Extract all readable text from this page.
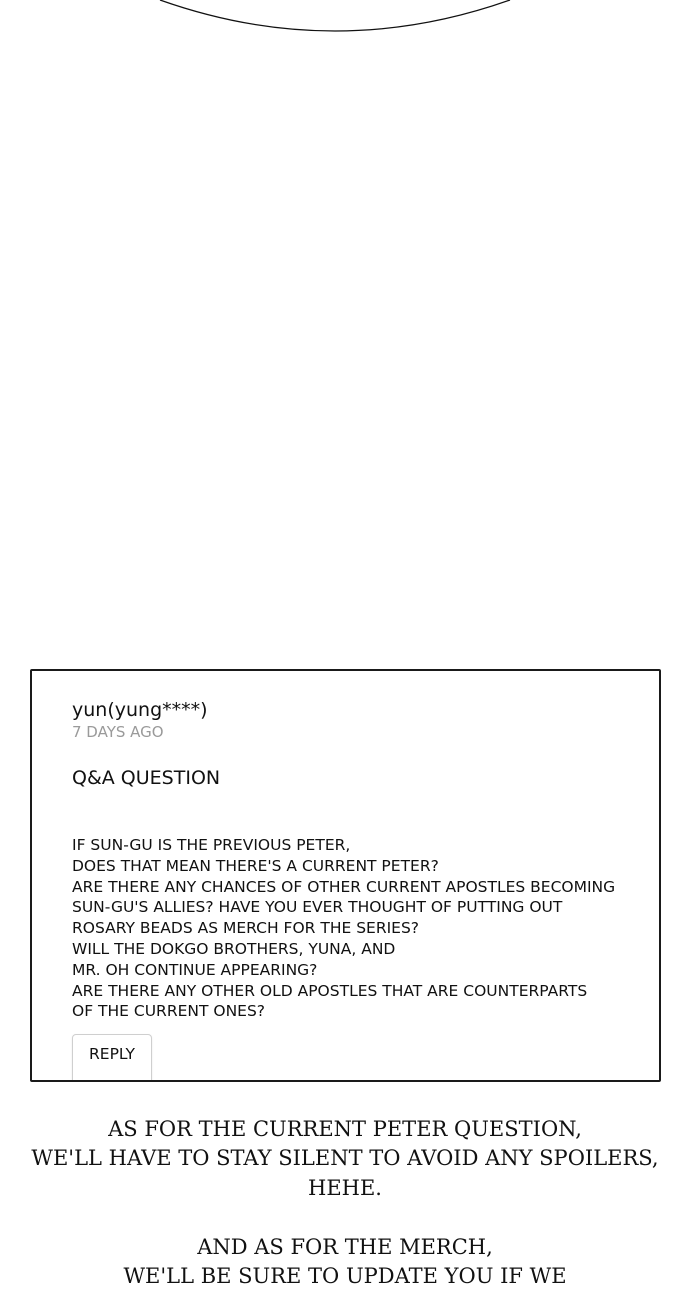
yun(yung****)
7 DAYS AGO
Q&A QUESTION
IF SUN-GU IS THE PREVIOUS PETER,
DOES THAT MEAN THERE'S A CURRENT PETER?
ARE THERE ANY CHANCES OF OTHER CURRENT APOSTLES BECOMING
SUN-GU'S ALLIES? HAVE YOU EVER THOUGHT OF PUTTING OUT
ROSARY BEADS AS MERCH FOR THE SERIES?
WILL THE DOKGO BROTHERS, YUNA, AND
MR. OH CONTINUE APPEARING?
ARE THERE ANY OTHER OLD APOSTLES THAT ARE COUNTERPARTS
OF THE CURRENT ONES?
REPLY
AS FOR THE CURRENT PETER QUESTION,
WE'LL HAVE TO STAY SILENT TO AVOID ANY SPOILERS,
HEHE.
AND AS FOR THE MERCH,
WE'LL BE SURE TO UPDATE YOU IF WE
